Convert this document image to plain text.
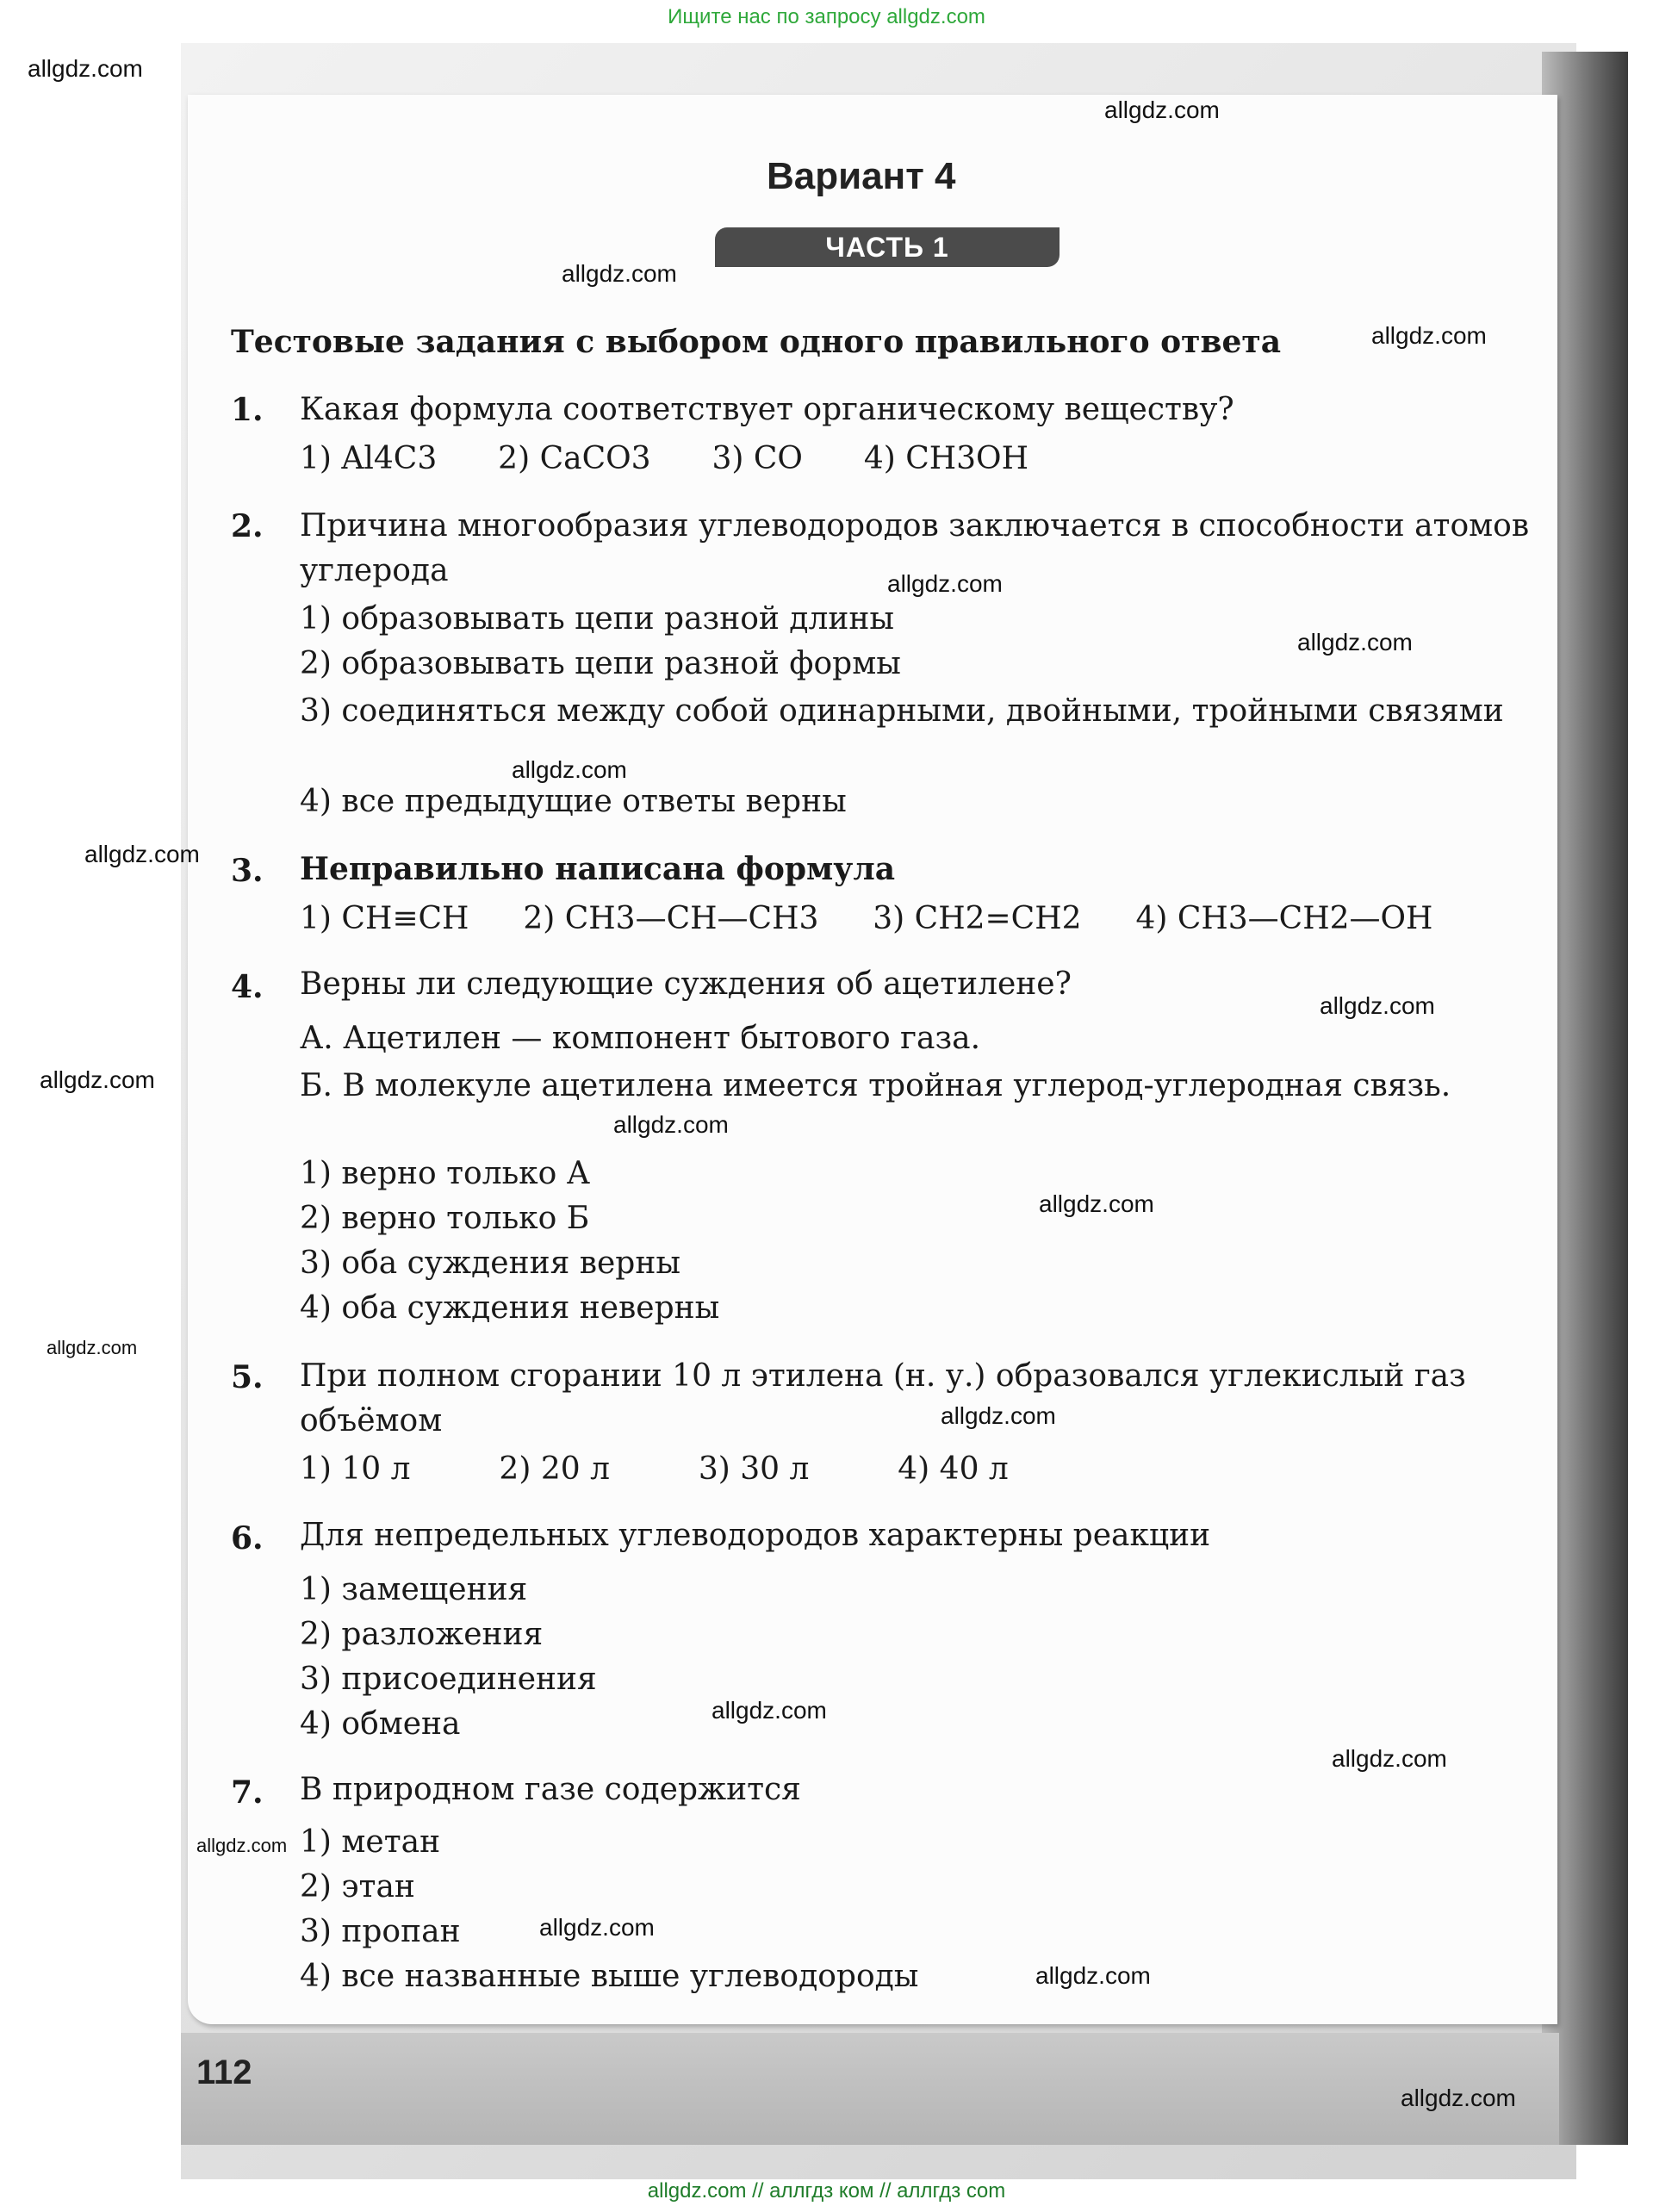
Ищите нас по запросу allgdz.com
Вариант 4
ЧАСТЬ 1
Тестовые задания с выбором одного правильного ответа
1. Какая формула соответствует органическому веществу?
1) Al4C3 2) CaCO3 3) CO 4) CH3OH
2. Причина многообразия углеводородов заключается в способности атомов углерода
1) образовывать цепи разной длины
2) образовывать цепи разной формы
3) соединяться между собой одинарными, двойными, тройными связями
4) все предыдущие ответы верны
3. Неправильно написана формула
1) CH≡CH 2) CH3—CH—CH3 3) CH2=CH2 4) CH3—CH2—OH
4. Верны ли следующие суждения об ацетилене?
А. Ацетилен — компонент бытового газа.
Б. В молекуле ацетилена имеется тройная углерод-углеродная связь.
1) верно только А
2) верно только Б
3) оба суждения верны
4) оба суждения неверны
5. При полном сгорании 10 л этилена (н. у.) образовался углекислый газ объёмом
1) 10 л	2) 20 л	3) 30 л	4) 40 л
6. Для непредельных углеводородов характерны реакции
1) замещения
2) разложения
3) присоединения
4) обмена
7. В природном газе содержится
1) метан
2) этан
3) пропан
4) все названные выше углеводороды
112
allgdz.com
allgdz.com
allgdz.com
allgdz.com
allgdz.com
allgdz.com
allgdz.com
allgdz.com
allgdz.com
allgdz.com
allgdz.com
allgdz.com
allgdz.com
allgdz.com
allgdz.com
allgdz.com
allgdz.com
allgdz.com
allgdz.com
allgdz.com
allgdz.com // аллгдз ком // аллгдз com
